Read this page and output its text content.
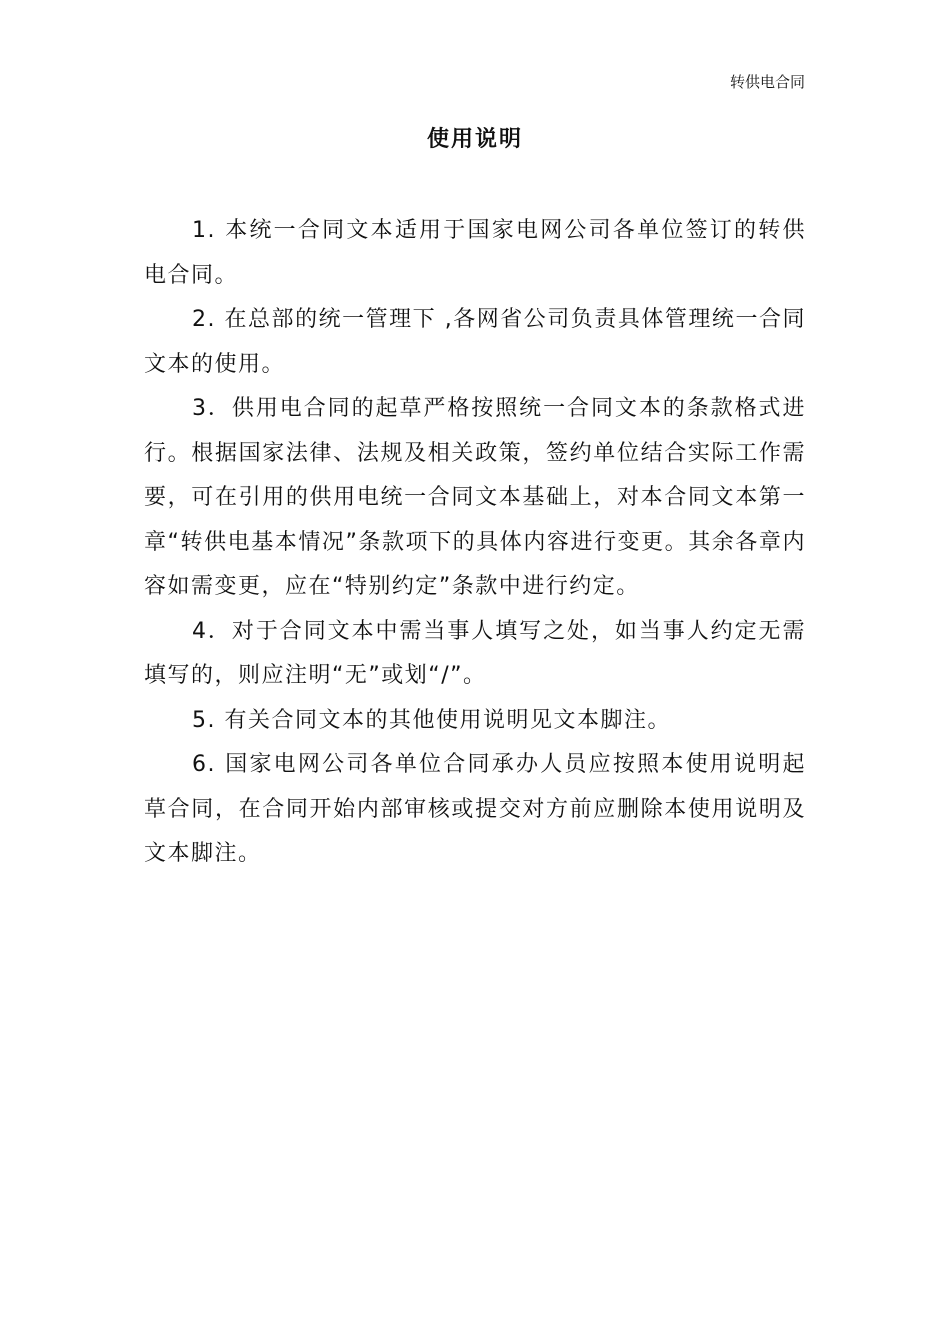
转供电合同
使用说明

1. 本统一合同文本适用于国家电网公司各单位签订的转供电合同。

2. 在总部的统一管理下 ,各网省公司负责具体管理统一合同文本的使用。

3．供用电合同的起草严格按照统一合同文本的条款格式进行。根据国家法律、法规及相关政策，签约单位结合实际工作需要，可在引用的供用电统一合同文本基础上，对本合同文本第一章“转供电基本情况”条款项下的具体内容进行变更。其余各章内容如需变更，应在“特别约定”条款中进行约定。

4．对于合同文本中需当事人填写之处，如当事人约定无需填写的，则应注明“无”或划“/”。

5. 有关合同文本的其他使用说明见文本脚注。

6. 国家电网公司各单位合同承办人员应按照本使用说明起草合同，在合同开始内部审核或提交对方前应删除本使用说明及文本脚注。
